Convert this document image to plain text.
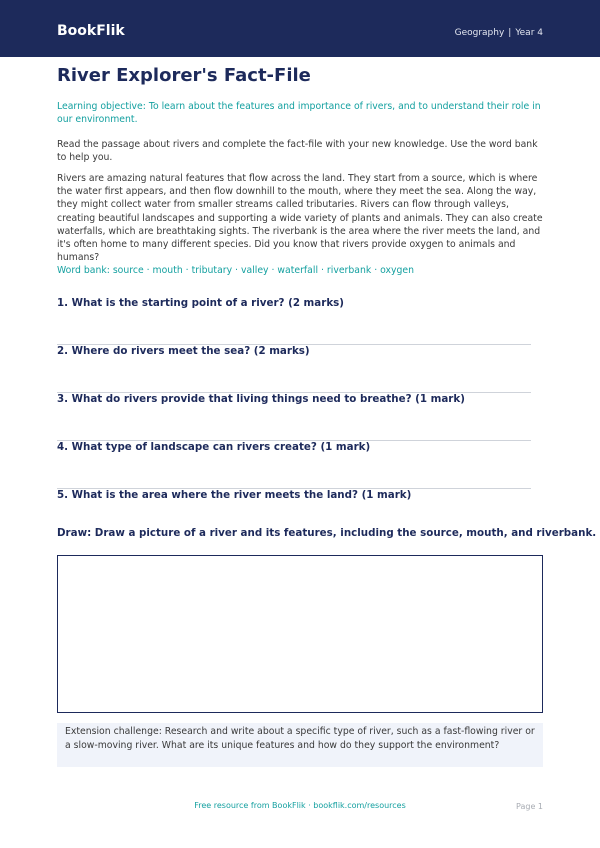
BookFlik	Geography | Year 4
River Explorer's Fact-File

Learning objective: To learn about the features and importance of rivers, and to understand their role in our environment.

Read the passage about rivers and complete the fact-file with your new knowledge. Use the word bank to help you.

Rivers are amazing natural features that flow across the land. They start from a source, which is where the water first appears, and then flow downhill to the mouth, where they meet the sea. Along the way, they might collect water from smaller streams called tributaries. Rivers can flow through valleys, creating beautiful landscapes and supporting a wide variety of plants and animals. They can also create waterfalls, which are breathtaking sights. The riverbank is the area where the river meets the land, and it's often home to many different species. Did you know that rivers provide oxygen to animals and humans?

Word bank: source · mouth · tributary · valley · waterfall · riverbank · oxygen

1. What is the starting point of a river? (2 marks)

2. Where do rivers meet the sea? (2 marks)

3. What do rivers provide that living things need to breathe? (1 mark)

4. What type of landscape can rivers create? (1 mark)

5. What is the area where the river meets the land? (1 mark)

Draw: Draw a picture of a river and its features, including the source, mouth, and riverbank.

Extension challenge: Research and write about a specific type of river, such as a fast-flowing river or a slow-moving river. What are its unique features and how do they support the environment?

Free resource from BookFlik · bookflik.com/resources	Page 1
